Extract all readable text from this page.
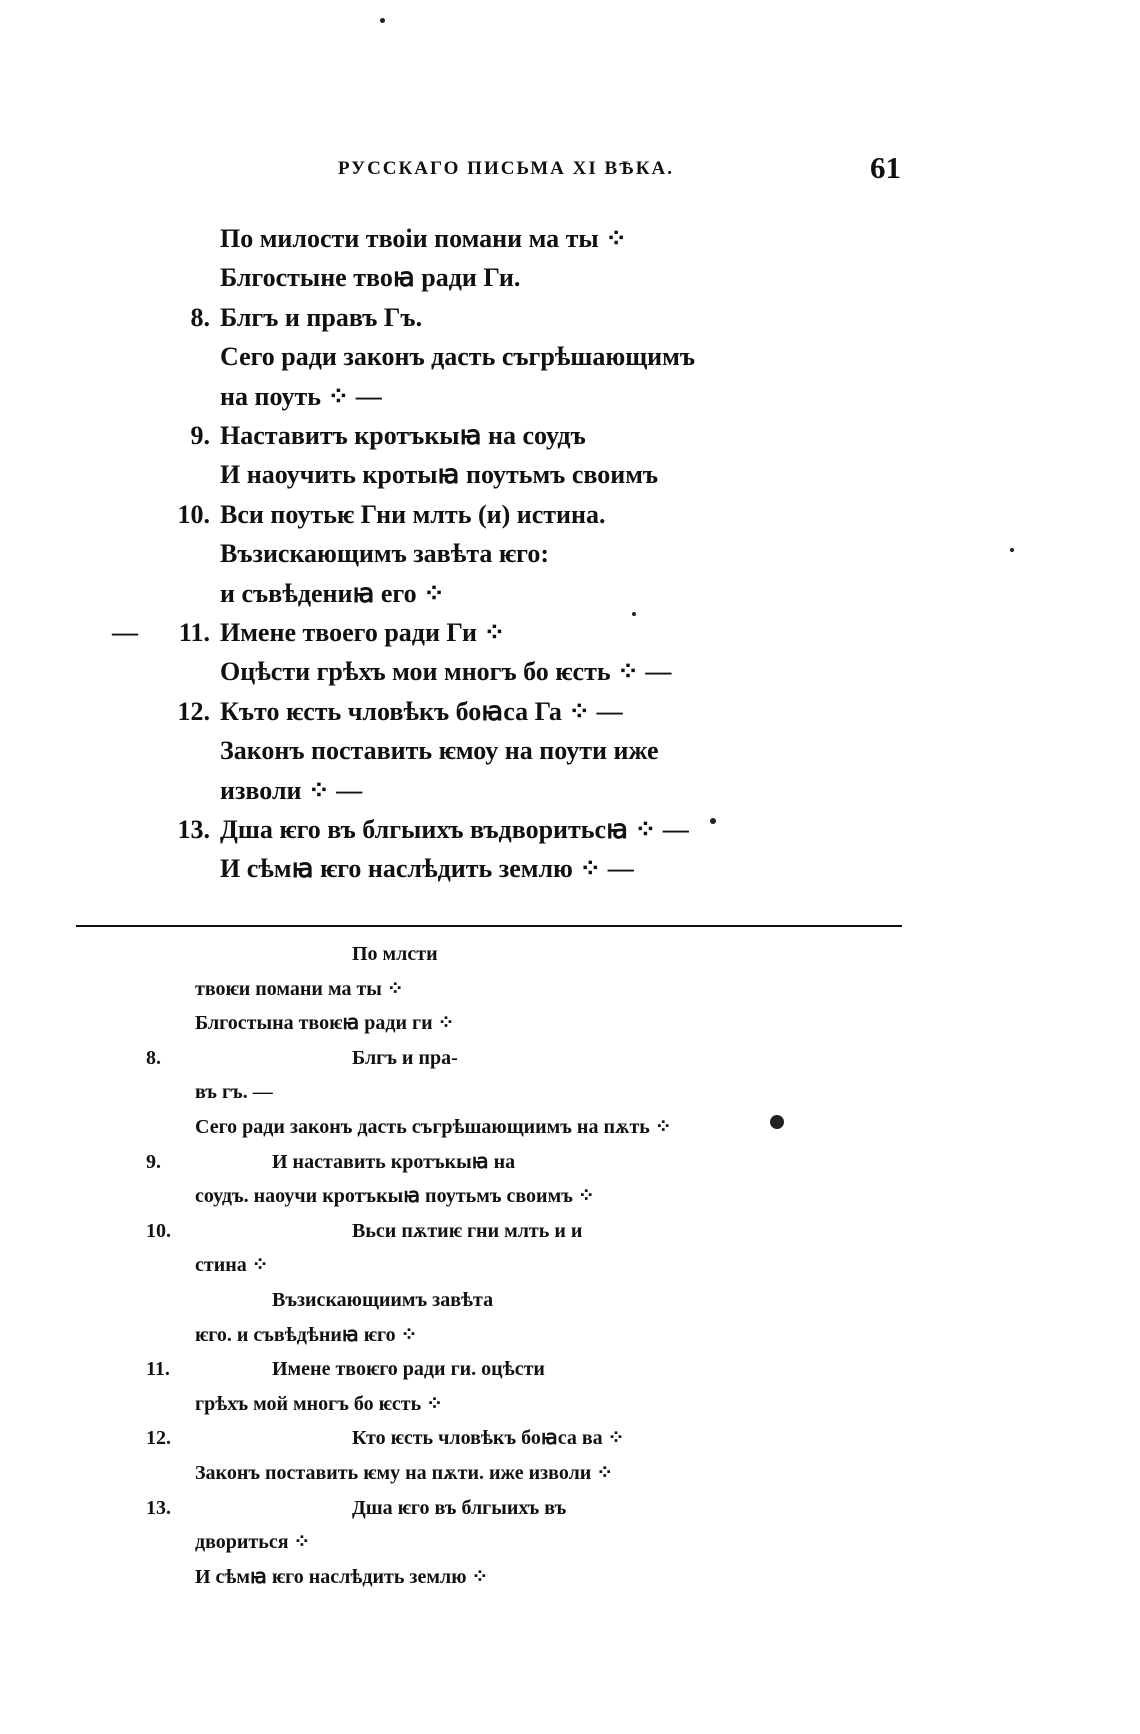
РУССКАГО ПИСЬМА XI ВѢКА.	61
По милости твоiи помани ма ты ⁘
Блгостыне твоꙗ ради Ги.
8. Блгъ и правъ Гъ.
Сего ради законъ дасть съгрѣшающимъ
на поуть ⁘ —
9. Наставитъ кротъкыꙗ на соудъ
И наоучить кротыꙗ поутьмъ своимъ
10. Вси поутьѥ Гни млть (и) истина.
Възискающимъ завѣта ѥго:
и съвѣдениꙗ его ⁘
—	11. Имене твоего ради Ги ⁘
Оцѣсти грѣхъ мои многъ бо ѥсть ⁘ —
12. Къто ѥсть чловѣкъ боꙗса Га ⁘ —
Законъ поставить ѥмоу на поути иже
изволи ⁘ —
13. Дша ѥго въ блгыихъ въдворитьсꙗ ⁘ —
И сѣмꙗ ѥго наслѣдить землю ⁘ —
По млсти
твоѥи помани ма ты ⁘
Блгостына твоѥꙗ ради ги ⁘
8.	Блгъ и пра-
въ гъ. —
Сего ради законъ дасть съгрѣшающиимъ на пѫть ⁘
9.	И наставить кротъкыꙗ на
соудъ. наоучи кротъкыꙗ поутьмъ своимъ ⁘
10.	Вьси пѫтиѥ гни млть и и
стина ⁘
Възискающиимъ завѣта
ѥго. и съвѣдѣниꙗ ѥго ⁘
11.	Имене твоѥго ради ги. оцѣсти
грѣхъ мой многъ бо ѥсть ⁘
12.	Кто ѥсть чловѣкъ боꙗса ва ⁘
Законъ поставить ѥму на пѫти. иже изволи ⁘
13.	Дша ѥго въ блгыихъ въ
двориться ⁘
И сѣмꙗ ѥго наслѣдить землю ⁘
